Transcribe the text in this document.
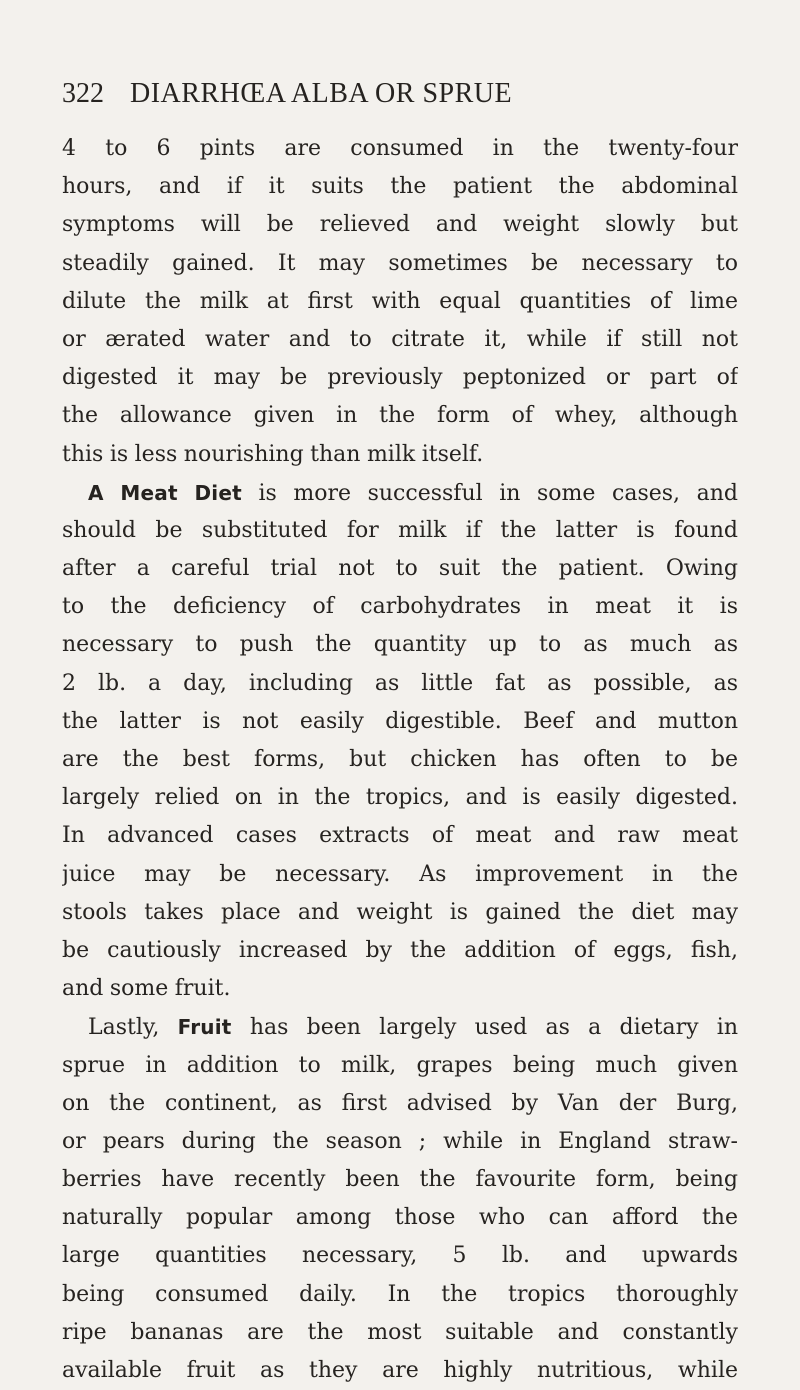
322 DIARRHŒA ALBA OR SPRUE
4 to 6 pints are consumed in the twenty-four
hours, and if it suits the patient the abdominal
symptoms will be relieved and weight slowly but
steadily gained. It may sometimes be necessary to
dilute the milk at first with equal quantities of lime
or ærated water and to citrate it, while if still not
digested it may be previously peptonized or part of
the allowance given in the form of whey, although
this is less nourishing than milk itself.
A Meat Diet is more successful in some cases, and
should be substituted for milk if the latter is found
after a careful trial not to suit the patient. Owing
to the deficiency of carbohydrates in meat it is
necessary to push the quantity up to as much as
2 lb. a day, including as little fat as possible, as
the latter is not easily digestible. Beef and mutton
are the best forms, but chicken has often to be
largely relied on in the tropics, and is easily digested.
In advanced cases extracts of meat and raw meat
juice may be necessary. As improvement in the
stools takes place and weight is gained the diet may
be cautiously increased by the addition of eggs, fish,
and some fruit.
Lastly, Fruit has been largely used as a dietary in
sprue in addition to milk, grapes being much given
on the continent, as first advised by Van der Burg,
or pears during the season ; while in England straw-
berries have recently been the favourite form, being
naturally popular among those who can afford the
large quantities necessary, 5 lb. and upwards
being consumed daily. In the tropics thoroughly
ripe bananas are the most suitable and constantly
available fruit as they are highly nutritious, while
